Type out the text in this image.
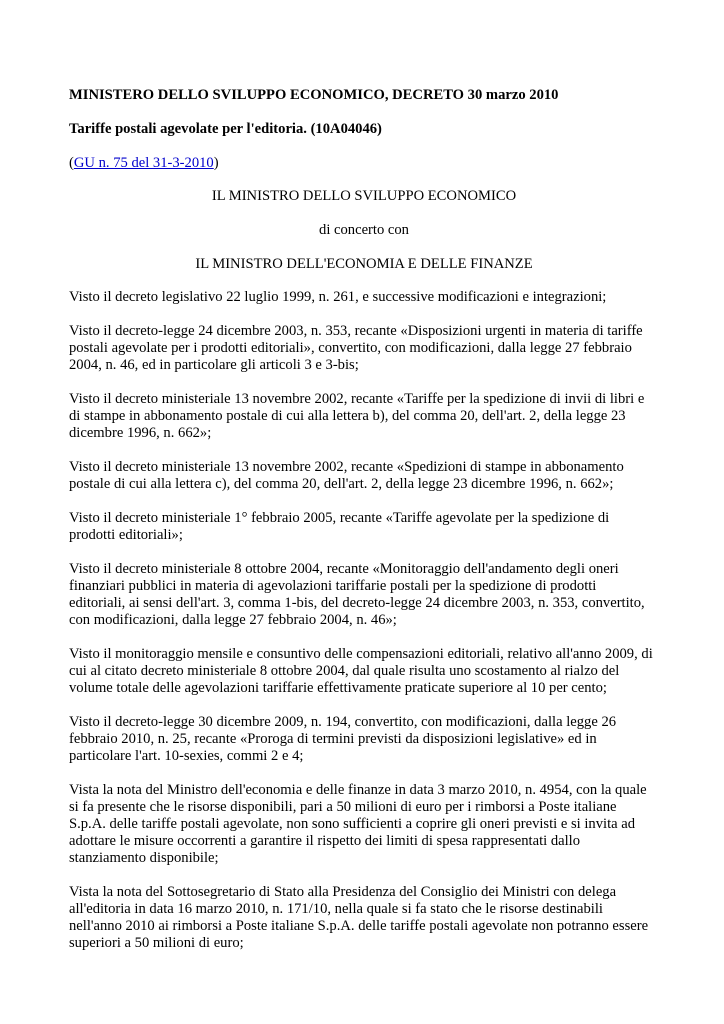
MINISTERO DELLO SVILUPPO ECONOMICO, DECRETO 30 marzo 2010

Tariffe postali agevolate per l'editoria. (10A04046)

(GU n. 75 del 31-3-2010)

IL MINISTRO DELLO SVILUPPO ECONOMICO

di concerto con

IL MINISTRO DELL'ECONOMIA E DELLE FINANZE

Visto il decreto legislativo 22 luglio 1999, n. 261, e successive modificazioni e integrazioni;
Visto il decreto-legge 24 dicembre 2003, n. 353, recante «Disposizioni urgenti in materia di tariffe
postali agevolate per i prodotti editoriali», convertito, con modificazioni, dalla legge 27 febbraio
2004, n. 46, ed in particolare gli articoli 3 e 3-bis;
Visto il decreto ministeriale 13 novembre 2002, recante «Tariffe per la spedizione di invii di libri e
di stampe in abbonamento postale di cui alla lettera b), del comma 20, dell'art. 2, della legge 23
dicembre 1996, n. 662»;
Visto il decreto ministeriale 13 novembre 2002, recante «Spedizioni di stampe in abbonamento
postale di cui alla lettera c), del comma 20, dell'art. 2, della legge 23 dicembre 1996, n. 662»;
Visto il decreto ministeriale 1° febbraio 2005, recante «Tariffe agevolate per la spedizione di
prodotti editoriali»;
Visto il decreto ministeriale 8 ottobre 2004, recante «Monitoraggio dell'andamento degli oneri
finanziari pubblici in materia di agevolazioni tariffarie postali per la spedizione di prodotti
editoriali, ai sensi dell'art. 3, comma 1-bis, del decreto-legge 24 dicembre 2003, n. 353, convertito,
con modificazioni, dalla legge 27 febbraio 2004, n. 46»;
Visto il monitoraggio mensile e consuntivo delle compensazioni editoriali, relativo all'anno 2009, di
cui al citato decreto ministeriale 8 ottobre 2004, dal quale risulta uno scostamento al rialzo del
volume totale delle agevolazioni tariffarie effettivamente praticate superiore al 10 per cento;
Visto il decreto-legge 30 dicembre 2009, n. 194, convertito, con modificazioni, dalla legge 26
febbraio 2010, n. 25, recante «Proroga di termini previsti da disposizioni legislative» ed in
particolare l'art. 10-sexies, commi 2 e 4;
Vista la nota del Ministro dell'economia e delle finanze in data 3 marzo 2010, n. 4954, con la quale
si fa presente che le risorse disponibili, pari a 50 milioni di euro per i rimborsi a Poste italiane
S.p.A. delle tariffe postali agevolate, non sono sufficienti a coprire gli oneri previsti e si invita ad
adottare le misure occorrenti a garantire il rispetto dei limiti di spesa rappresentati dallo
stanziamento disponibile;
Vista la nota del Sottosegretario di Stato alla Presidenza del Consiglio dei Ministri con delega
all'editoria in data 16 marzo 2010, n. 171/10, nella quale si fa stato che le risorse destinabili
nell'anno 2010 ai rimborsi a Poste italiane S.p.A. delle tariffe postali agevolate non potranno essere
superiori a 50 milioni di euro;
